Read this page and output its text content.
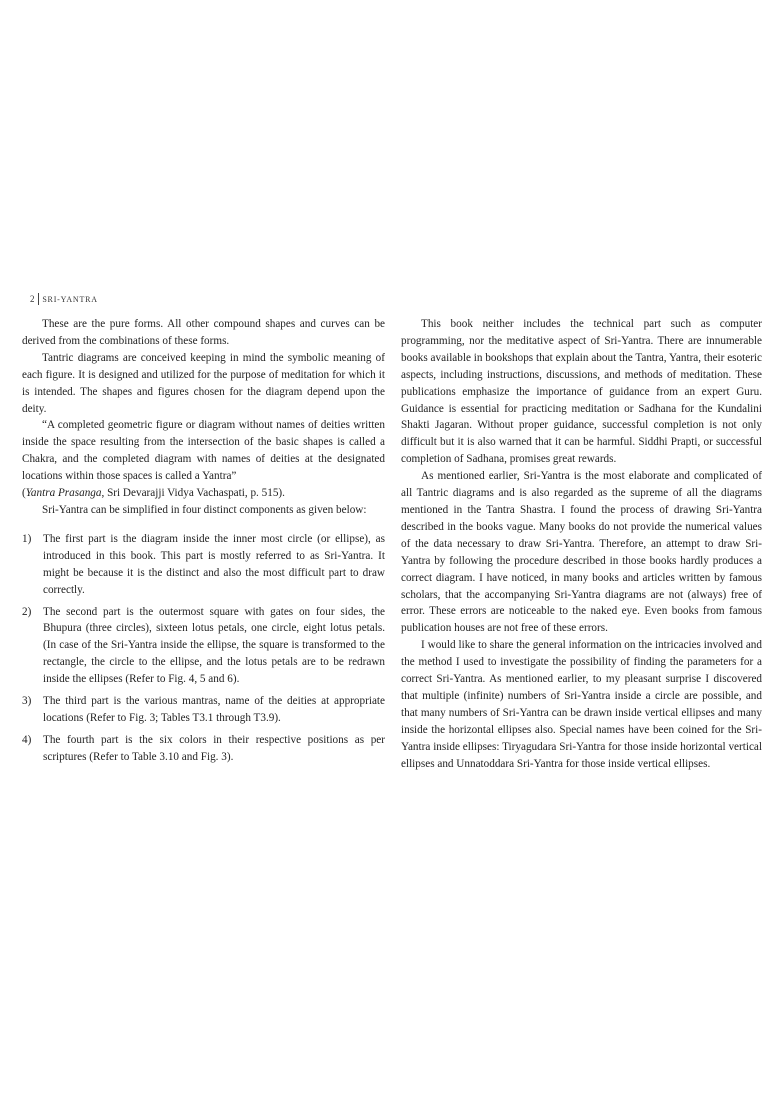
2 SRI-YANTRA

These are the pure forms. All other compound shapes and curves can be derived from the combinations of these forms.

Tantric diagrams are conceived keeping in mind the symbolic meaning of each figure. It is designed and utilized for the purpose of meditation for which it is intended. The shapes and figures chosen for the diagram depend upon the deity.

“A completed geometric figure or diagram without names of deities written inside the space resulting from the intersection of the basic shapes is called a Chakra, and the completed diagram with names of deities at the designated locations within those spaces is called a Yantra”

(Yantra Prasanga, Sri Devarajji Vidya Vachaspati, p. 515).

Sri-Yantra can be simplified in four distinct components as given below:

1)	The first part is the diagram inside the inner most circle (or ellipse), as introduced in this book. This part is mostly referred to as Sri-Yantra. It might be because it is the distinct and also the most difficult part to draw correctly.
2)	The second part is the outermost square with gates on four sides, the Bhupura (three circles), sixteen lotus petals, one circle, eight lotus petals. (In case of the Sri-Yantra inside the ellipse, the square is transformed to the rectangle, the circle to the ellipse, and the lotus petals are to be redrawn inside the ellipses (Refer to Fig. 4, 5 and 6).
3)	The third part is the various mantras, name of the deities at appropriate locations (Refer to Fig. 3; Tables T3.1 through T3.9).
4)	The fourth part is the six colors in their respective positions as per scriptures (Refer to Table 3.10 and Fig. 3).

This book neither includes the technical part such as computer programming, nor the meditative aspect of Sri-Yantra. There are innumerable books available in bookshops that explain about the Tantra, Yantra, their esoteric aspects, including instructions, discussions, and methods of meditation. These publications emphasize the importance of guidance from an expert Guru. Guidance is essential for practicing meditation or Sadhana for the Kundalini Shakti Jagaran. Without proper guidance, successful completion is not only difficult but it is also warned that it can be harmful. Siddhi Prapti, or successful completion of Sadhana, promises great rewards.

As mentioned earlier, Sri-Yantra is the most elaborate and complicated of all Tantric diagrams and is also regarded as the supreme of all the diagrams mentioned in the Tantra Shastra. I found the process of drawing Sri-Yantra described in the books vague. Many books do not provide the numerical values of the data necessary to draw Sri-Yantra. Therefore, an attempt to draw Sri-Yantra by following the procedure described in those books hardly produces a correct diagram. I have noticed, in many books and articles written by famous scholars, that the accompanying Sri-Yantra diagrams are not (always) free of error. These errors are noticeable to the naked eye. Even books from famous publication houses are not free of these errors.

I would like to share the general information on the intricacies involved and the method I used to investigate the possibility of finding the parameters for a correct Sri-Yantra. As mentioned earlier, to my pleasant surprise I discovered that multiple (infinite) numbers of Sri-Yantra inside a circle are possible, and that many numbers of Sri-Yantra can be drawn inside vertical ellipses and many inside the horizontal ellipses also. Special names have been coined for the Sri-Yantra inside ellipses: Tiryagudara Sri-Yantra for those inside horizontal vertical ellipses and Unnatoddara Sri-Yantra for those inside vertical ellipses.
